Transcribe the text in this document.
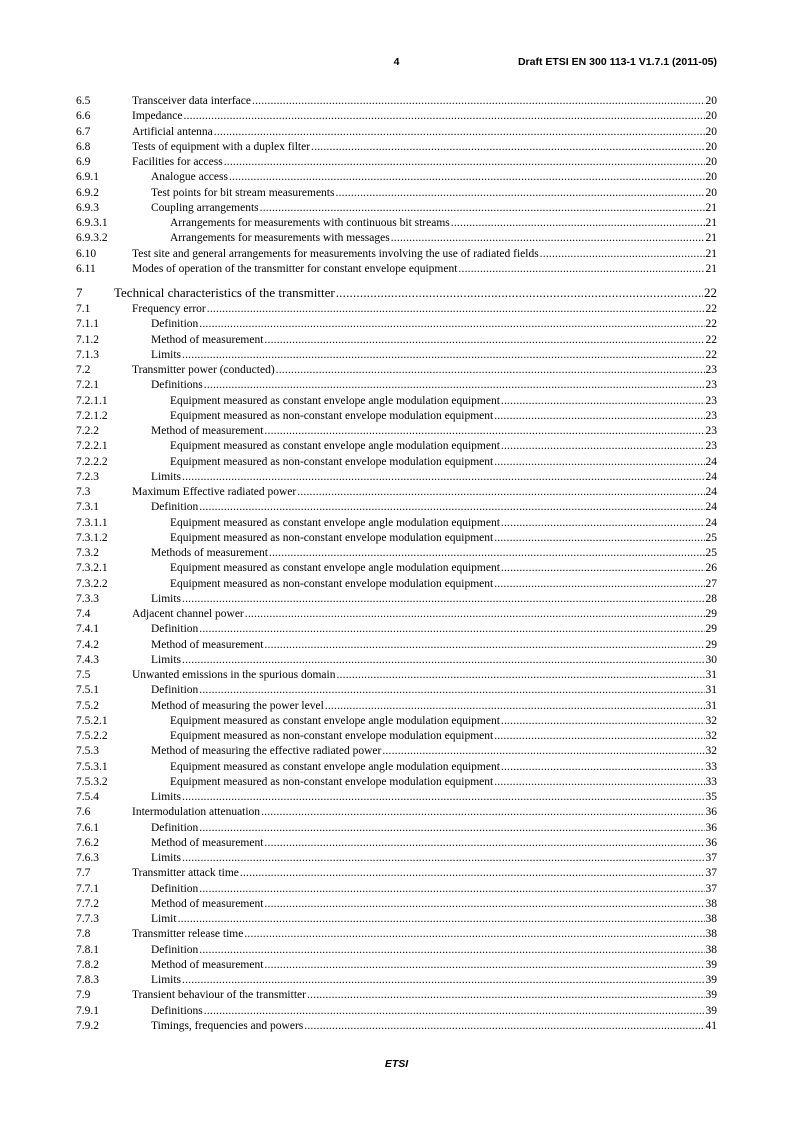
4	Draft ETSI EN 300 113-1 V1.7.1 (2011-05)
6.5	Transceiver data interface .....	20
6.6	Impedance .....	20
6.7	Artificial antenna .....	20
6.8	Tests of equipment with a duplex filter .....	20
6.9	Facilities for access .....	20
6.9.1	Analogue access .....	20
6.9.2	Test points for bit stream measurements .....	20
6.9.3	Coupling arrangements .....	21
6.9.3.1	Arrangements for measurements with continuous bit streams .....	21
6.9.3.2	Arrangements for measurements with messages .....	21
6.10	Test site and general arrangements for measurements involving the use of radiated fields .....	21
6.11	Modes of operation of the transmitter for constant envelope equipment .....	21
7 Technical characteristics of the transmitter .....	22
7.1	Frequency error .....	22
7.1.1	Definition .....	22
7.1.2	Method of measurement .....	22
7.1.3	Limits .....	22
7.2	Transmitter power (conducted) .....	23
7.2.1	Definitions .....	23
7.2.1.1	Equipment measured as constant envelope angle modulation equipment .....	23
7.2.1.2	Equipment measured as non-constant envelope modulation equipment .....	23
7.2.2	Method of measurement .....	23
7.2.2.1	Equipment measured as constant envelope angle modulation equipment .....	23
7.2.2.2	Equipment measured as non-constant envelope modulation equipment .....	24
7.2.3	Limits .....	24
7.3	Maximum Effective radiated power .....	24
7.3.1	Definition .....	24
7.3.1.1	Equipment measured as constant envelope angle modulation equipment .....	24
7.3.1.2	Equipment measured as non-constant envelope modulation equipment .....	25
7.3.2	Methods of measurement .....	25
7.3.2.1	Equipment measured as constant envelope angle modulation equipment .....	26
7.3.2.2	Equipment measured as non-constant envelope modulation equipment .....	27
7.3.3	Limits .....	28
7.4	Adjacent channel power .....	29
7.4.1	Definition .....	29
7.4.2	Method of measurement .....	29
7.4.3	Limits .....	30
7.5	Unwanted emissions in the spurious domain .....	31
7.5.1	Definition .....	31
7.5.2	Method of measuring the power level .....	31
7.5.2.1	Equipment measured as constant envelope angle modulation equipment .....	32
7.5.2.2	Equipment measured as non-constant envelope modulation equipment .....	32
7.5.3	Method of measuring the effective radiated power .....	32
7.5.3.1	Equipment measured as constant envelope angle modulation equipment .....	33
7.5.3.2	Equipment measured as non-constant envelope modulation equipment .....	33
7.5.4	Limits .....	35
7.6	Intermodulation attenuation .....	36
7.6.1	Definition .....	36
7.6.2	Method of measurement .....	36
7.6.3	Limits .....	37
7.7	Transmitter attack time .....	37
7.7.1	Definition .....	37
7.7.2	Method of measurement .....	38
7.7.3	Limit .....	38
7.8	Transmitter release time .....	38
7.8.1	Definition .....	38
7.8.2	Method of measurement .....	39
7.8.3	Limits .....	39
7.9	Transient behaviour of the transmitter .....	39
7.9.1	Definitions .....	39
7.9.2	Timings, frequencies and powers .....	41
ETSI
